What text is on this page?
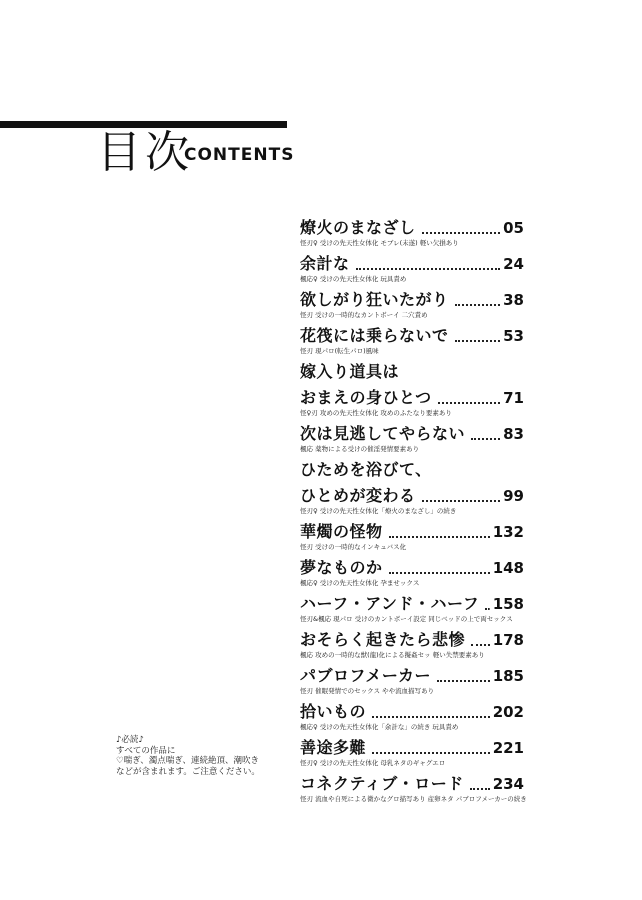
目次
CONTENTS
燎火のまなざし	05
怪刃♀ 受けの先天性女体化 モブレ(未遂) 軽い欠損あり
余計な	24
楓応♀ 受けの先天性女体化 玩具責め
欲しがり狂いたがり	38
怪刃 受けの一時的なカントボーイ 二穴責め
花筏には乗らないで	53
怪刃 現パロ(転生パロ)風味
嫁入り道具は
おまえの身ひとつ	71
怪♀刃 攻めの先天性女体化 攻めのふたなり要素あり
次は見逃してやらない	83
楓応 薬物による受けの催淫発情要素あり
ひためを浴びて、
ひとめが変わる	99
怪刃♀ 受けの先天性女体化「燎火のまなざし」の続き
華燭の怪物	132
怪刃 受けの一時的なインキュバス化
夢なものか	148
楓応♀ 受けの先天性女体化 孕ませックス
ハーフ・アンド・ハーフ 158
怪刃&楓応 現パロ 受けのカントボーイ設定 同じベッドの上で両セックス
おそらく起きたら悲惨 178
楓応 攻めの一時的な獣(龍)化による擬姦セッ 軽い失禁要素あり
パブロフメーカー	185
怪刃 催眠発情でのセックス やや流血描写あり
拾いもの	202
楓応♀ 受けの先天性女体化「余計な」の続き 玩具責め
善途多難	221
怪刃♀ 受けの先天性女体化 母乳ネタのギャグエロ
コネクティブ・ロード 234
怪刃 流血や自死による微かなグロ描写あり 産卵ネタ パブロフメーカーの続き
♪必読♪
すべての作品に
♡喘ぎ、濁点喘ぎ、連続絶頂、潮吹き
などが含まれます。ご注意ください。
